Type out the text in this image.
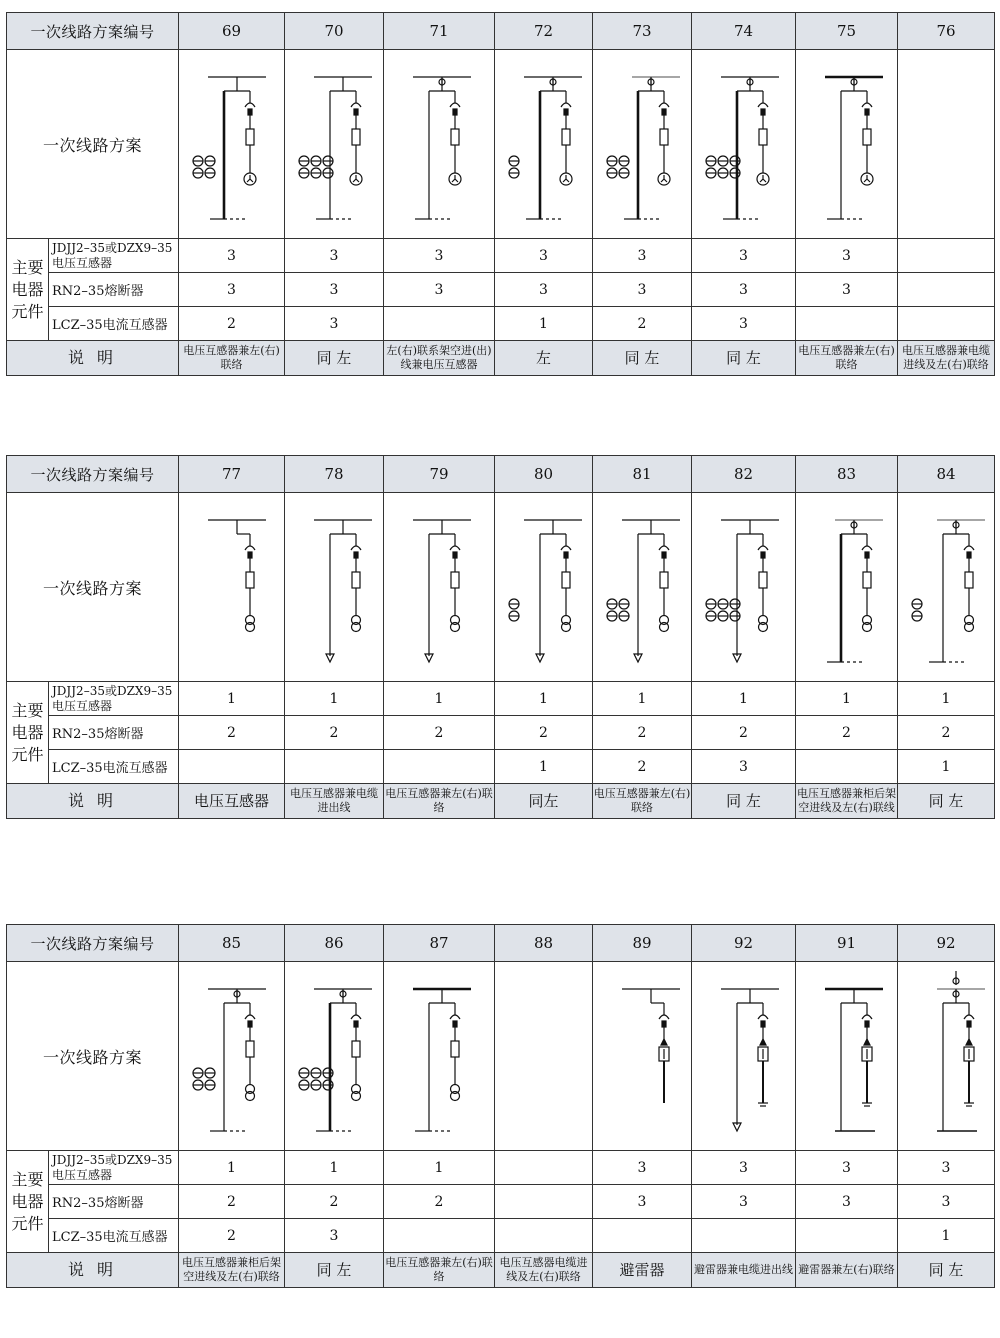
一次线路方案编号		69	70	71	72	73	74	75	76
一次线路方案	

主要电器元件	JDJJ2–35或DZX9–35电压互感器	3	3	3	3	3	3	3	
	RN2–35熔断器	3	3	3	3	3	3	3	
	LCZ–35电流互感器	2	3		1	2	3		
说 明		电压互感器兼左(右)联络	同 左	左(右)联系架空进(出)线兼电压互感器	左	同 左	同 左	电压互感器兼左(右)联络	电压互感器兼电缆进线及左(右)联络
一次线路方案编号		77	78	79	80	81	82	83	84
一次线路方案	

主要电器元件	JDJJ2–35或DZX9–35电压互感器	1	1	1	1	1	1	1	1
	RN2–35熔断器	2	2	2	2	2	2	2	2
	LCZ–35电流互感器				1	2	3		1
说 明		电压互感器	电压互感器兼电缆进出线	电压互感器兼左(右)联络	同左	电压互感器兼左(右)联络	同 左	电压互感器兼柜后架空进线及左(右)联线	同 左
一次线路方案编号		85	86	87	88	89	92	91	92
一次线路方案	

主要电器元件	JDJJ2–35或DZX9–35电压互感器	1	1	1		3	3	3	3
	RN2–35熔断器	2	2	2		3	3	3	3
	LCZ–35电流互感器	2	3						1
说 明		电压互感器兼柜后架空进线及左(右)联络	同 左	电压互感器兼左(右)联络	电压互感器电缆进线及左(右)联络	避雷器	避雷器兼电缆进出线	避雷器兼左(右)联络	同 左
